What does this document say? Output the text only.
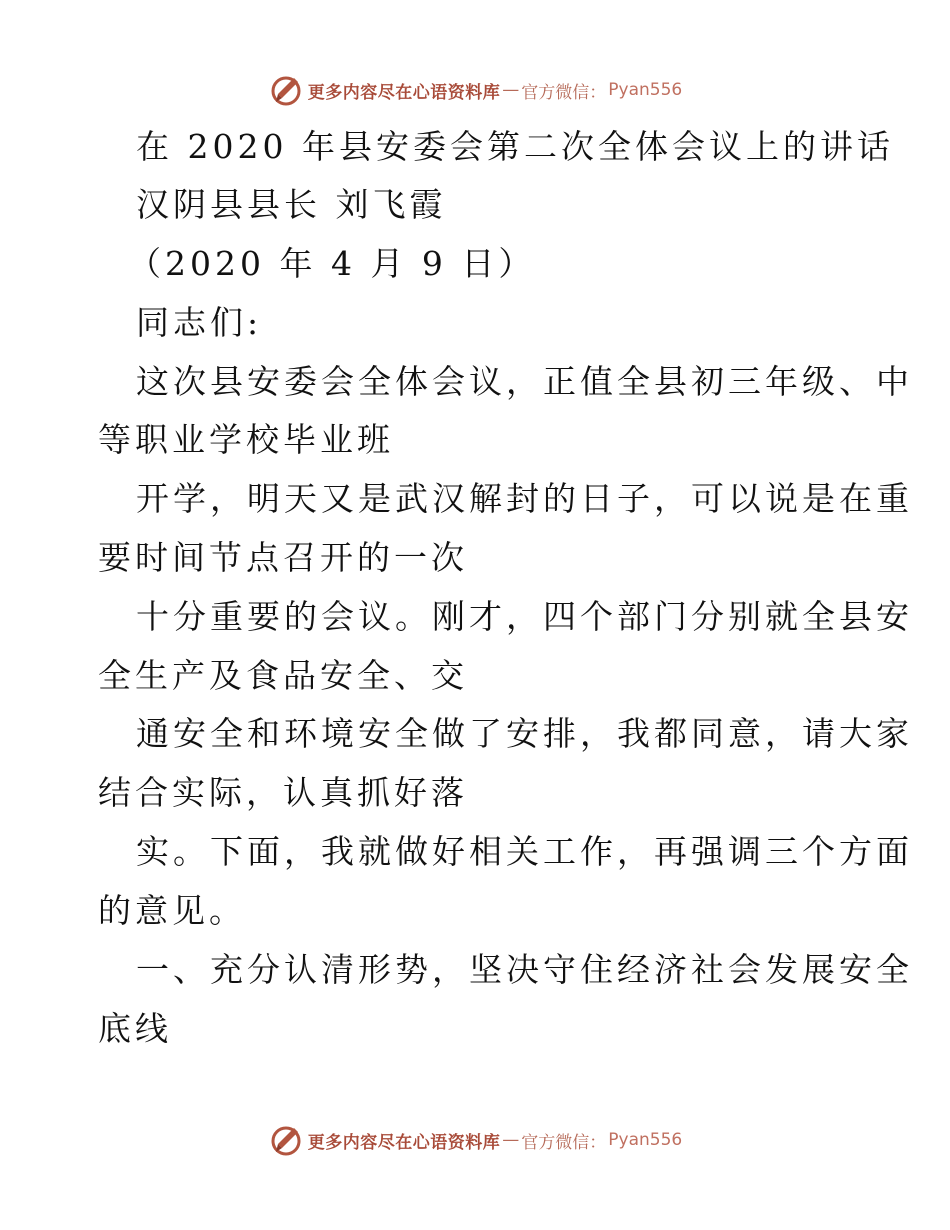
更多内容尽在心语资料库 — 官方微信： Pyan556
在 2020 年县安委会第二次全体会议上的讲话
汉阴县县长 刘飞霞
（2020 年 4 月 9 日）
同志们:
这次县安委会全体会议，正值全县初三年级、中
等职业学校毕业班
开学，明天又是武汉解封的日子，可以说是在重
要时间节点召开的一次
十分重要的会议。刚才，四个部门分别就全县安
全生产及食品安全、交
通安全和环境安全做了安排，我都同意，请大家
结合实际，认真抓好落
实。下面，我就做好相关工作，再强调三个方面
的意见。
一、充分认清形势，坚决守住经济社会发展安全
底线
更多内容尽在心语资料库 — 官方微信： Pyan556
